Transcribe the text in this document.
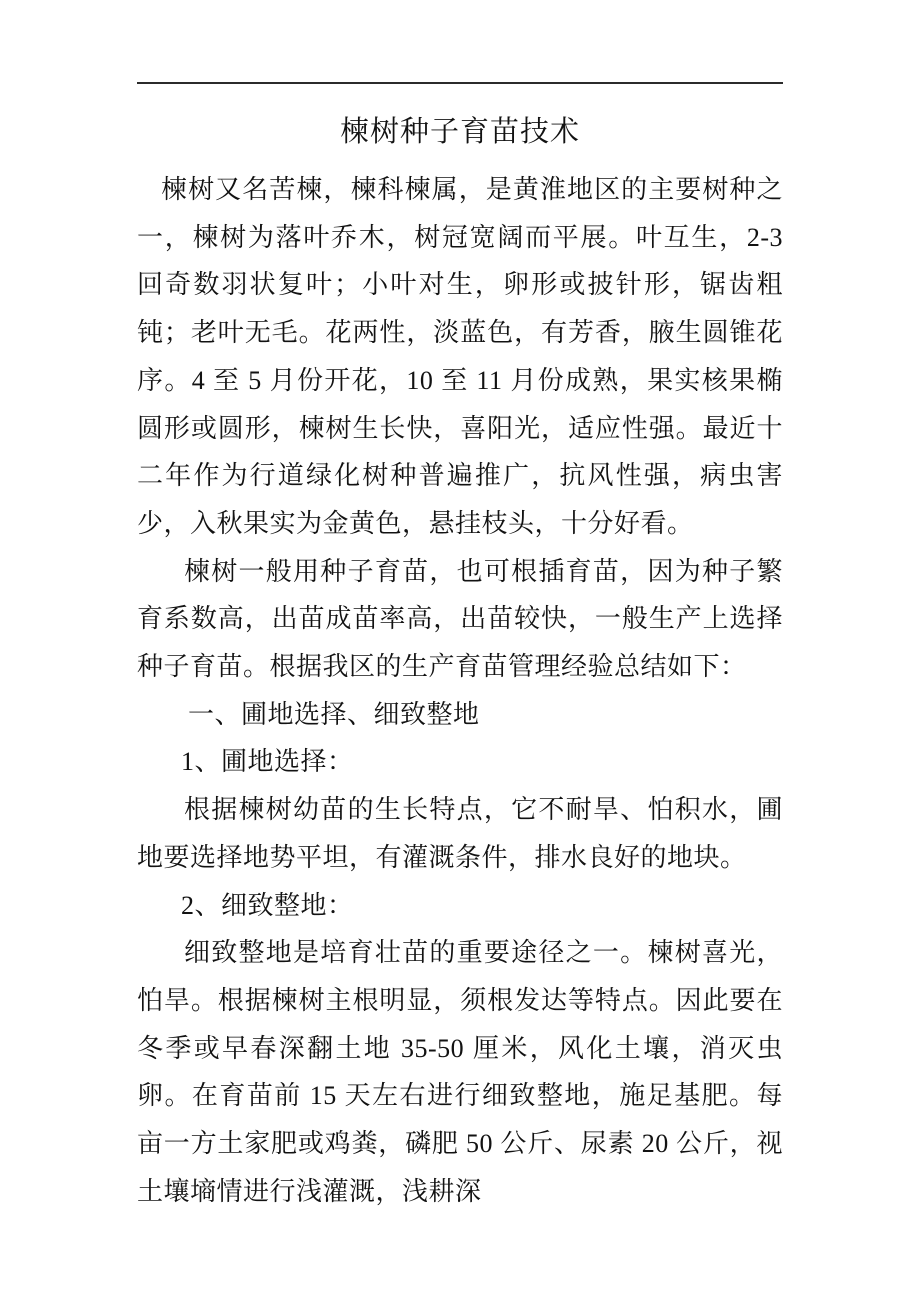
楝树种子育苗技术

楝树又名苦楝，楝科楝属，是黄淮地区的主要树种之一，楝树为落叶乔木，树冠宽阔而平展。叶互生，2-3 回奇数羽状复叶；小叶对生，卵形或披针形，锯齿粗钝；老叶无毛。花两性，淡蓝色，有芳香，腋生圆锥花序。4 至 5 月份开花，10 至 11 月份成熟，果实核果椭圆形或圆形，楝树生长快，喜阳光，适应性强。最近十二年作为行道绿化树种普遍推广，抗风性强，病虫害少，入秋果实为金黄色，悬挂枝头，十分好看。

楝树一般用种子育苗，也可根插育苗，因为种子繁育系数高，出苗成苗率高，出苗较快，一般生产上选择种子育苗。根据我区的生产育苗管理经验总结如下：

一、圃地选择、细致整地

1、圃地选择：

根据楝树幼苗的生长特点，它不耐旱、怕积水，圃地要选择地势平坦，有灌溉条件，排水良好的地块。

2、细致整地：

细致整地是培育壮苗的重要途径之一。楝树喜光，怕旱。根据楝树主根明显，须根发达等特点。因此要在冬季或早春深翻土地 35-50 厘米，风化土壤，消灭虫卵。在育苗前 15 天左右进行细致整地，施足基肥。每亩一方土家肥或鸡粪，磷肥 50 公斤、尿素 20 公斤，视土壤墒情进行浅灌溉，浅耕深
